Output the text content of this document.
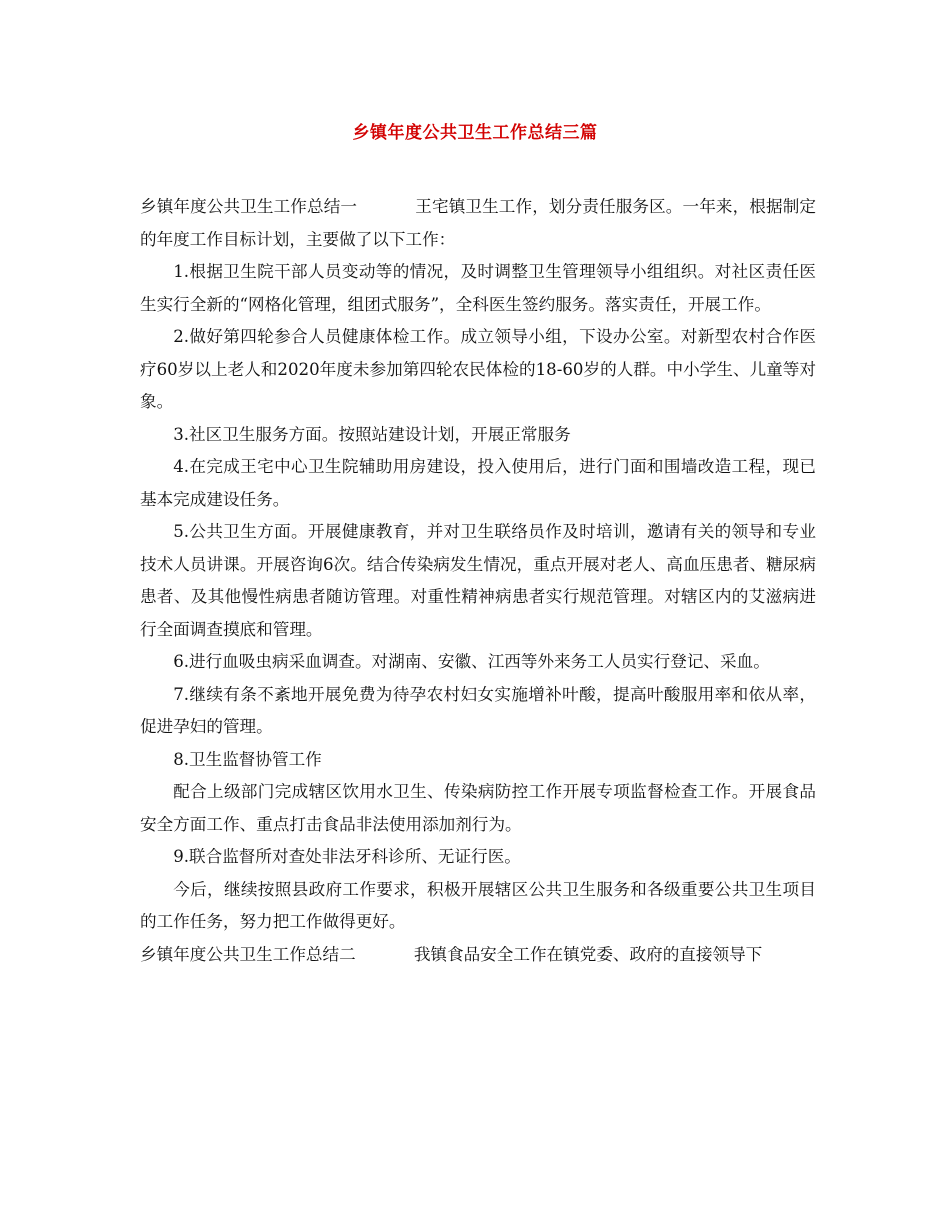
乡镇年度公共卫生工作总结三篇

乡镇年度公共卫生工作总结一	王宅镇卫生工作，划分责任服务区。一年来，根据制定的年度工作目标计划，主要做了以下工作：

1.根据卫生院干部人员变动等的情况，及时调整卫生管理领导小组组织。对社区责任医生实行全新的“网格化管理，组团式服务”，全科医生签约服务。落实责任，开展工作。

2.做好第四轮参合人员健康体检工作。成立领导小组，下设办公室。对新型农村合作医疗60岁以上老人和2020年度未参加第四轮农民体检的18-60岁的人群。中小学生、儿童等对象。

3.社区卫生服务方面。按照站建设计划，开展正常服务

4.在完成王宅中心卫生院辅助用房建设，投入使用后，进行门面和围墙改造工程，现已基本完成建设任务。

5.公共卫生方面。开展健康教育，并对卫生联络员作及时培训，邀请有关的领导和专业技术人员讲课。开展咨询6次。结合传染病发生情况，重点开展对老人、高血压患者、糖尿病患者、及其他慢性病患者随访管理。对重性精神病患者实行规范管理。对辖区内的艾滋病进行全面调查摸底和管理。

6.进行血吸虫病采血调查。对湖南、安徽、江西等外来务工人员实行登记、采血。

7.继续有条不紊地开展免费为待孕农村妇女实施增补叶酸，提高叶酸服用率和依从率，促进孕妇的管理。

8.卫生监督协管工作

配合上级部门完成辖区饮用水卫生、传染病防控工作开展专项监督检查工作。开展食品安全方面工作、重点打击食品非法使用添加剂行为。

9.联合监督所对查处非法牙科诊所、无证行医。

今后，继续按照县政府工作要求，积极开展辖区公共卫生服务和各级重要公共卫生项目的工作任务，努力把工作做得更好。

乡镇年度公共卫生工作总结二	我镇食品安全工作在镇党委、政府的直接领导下
